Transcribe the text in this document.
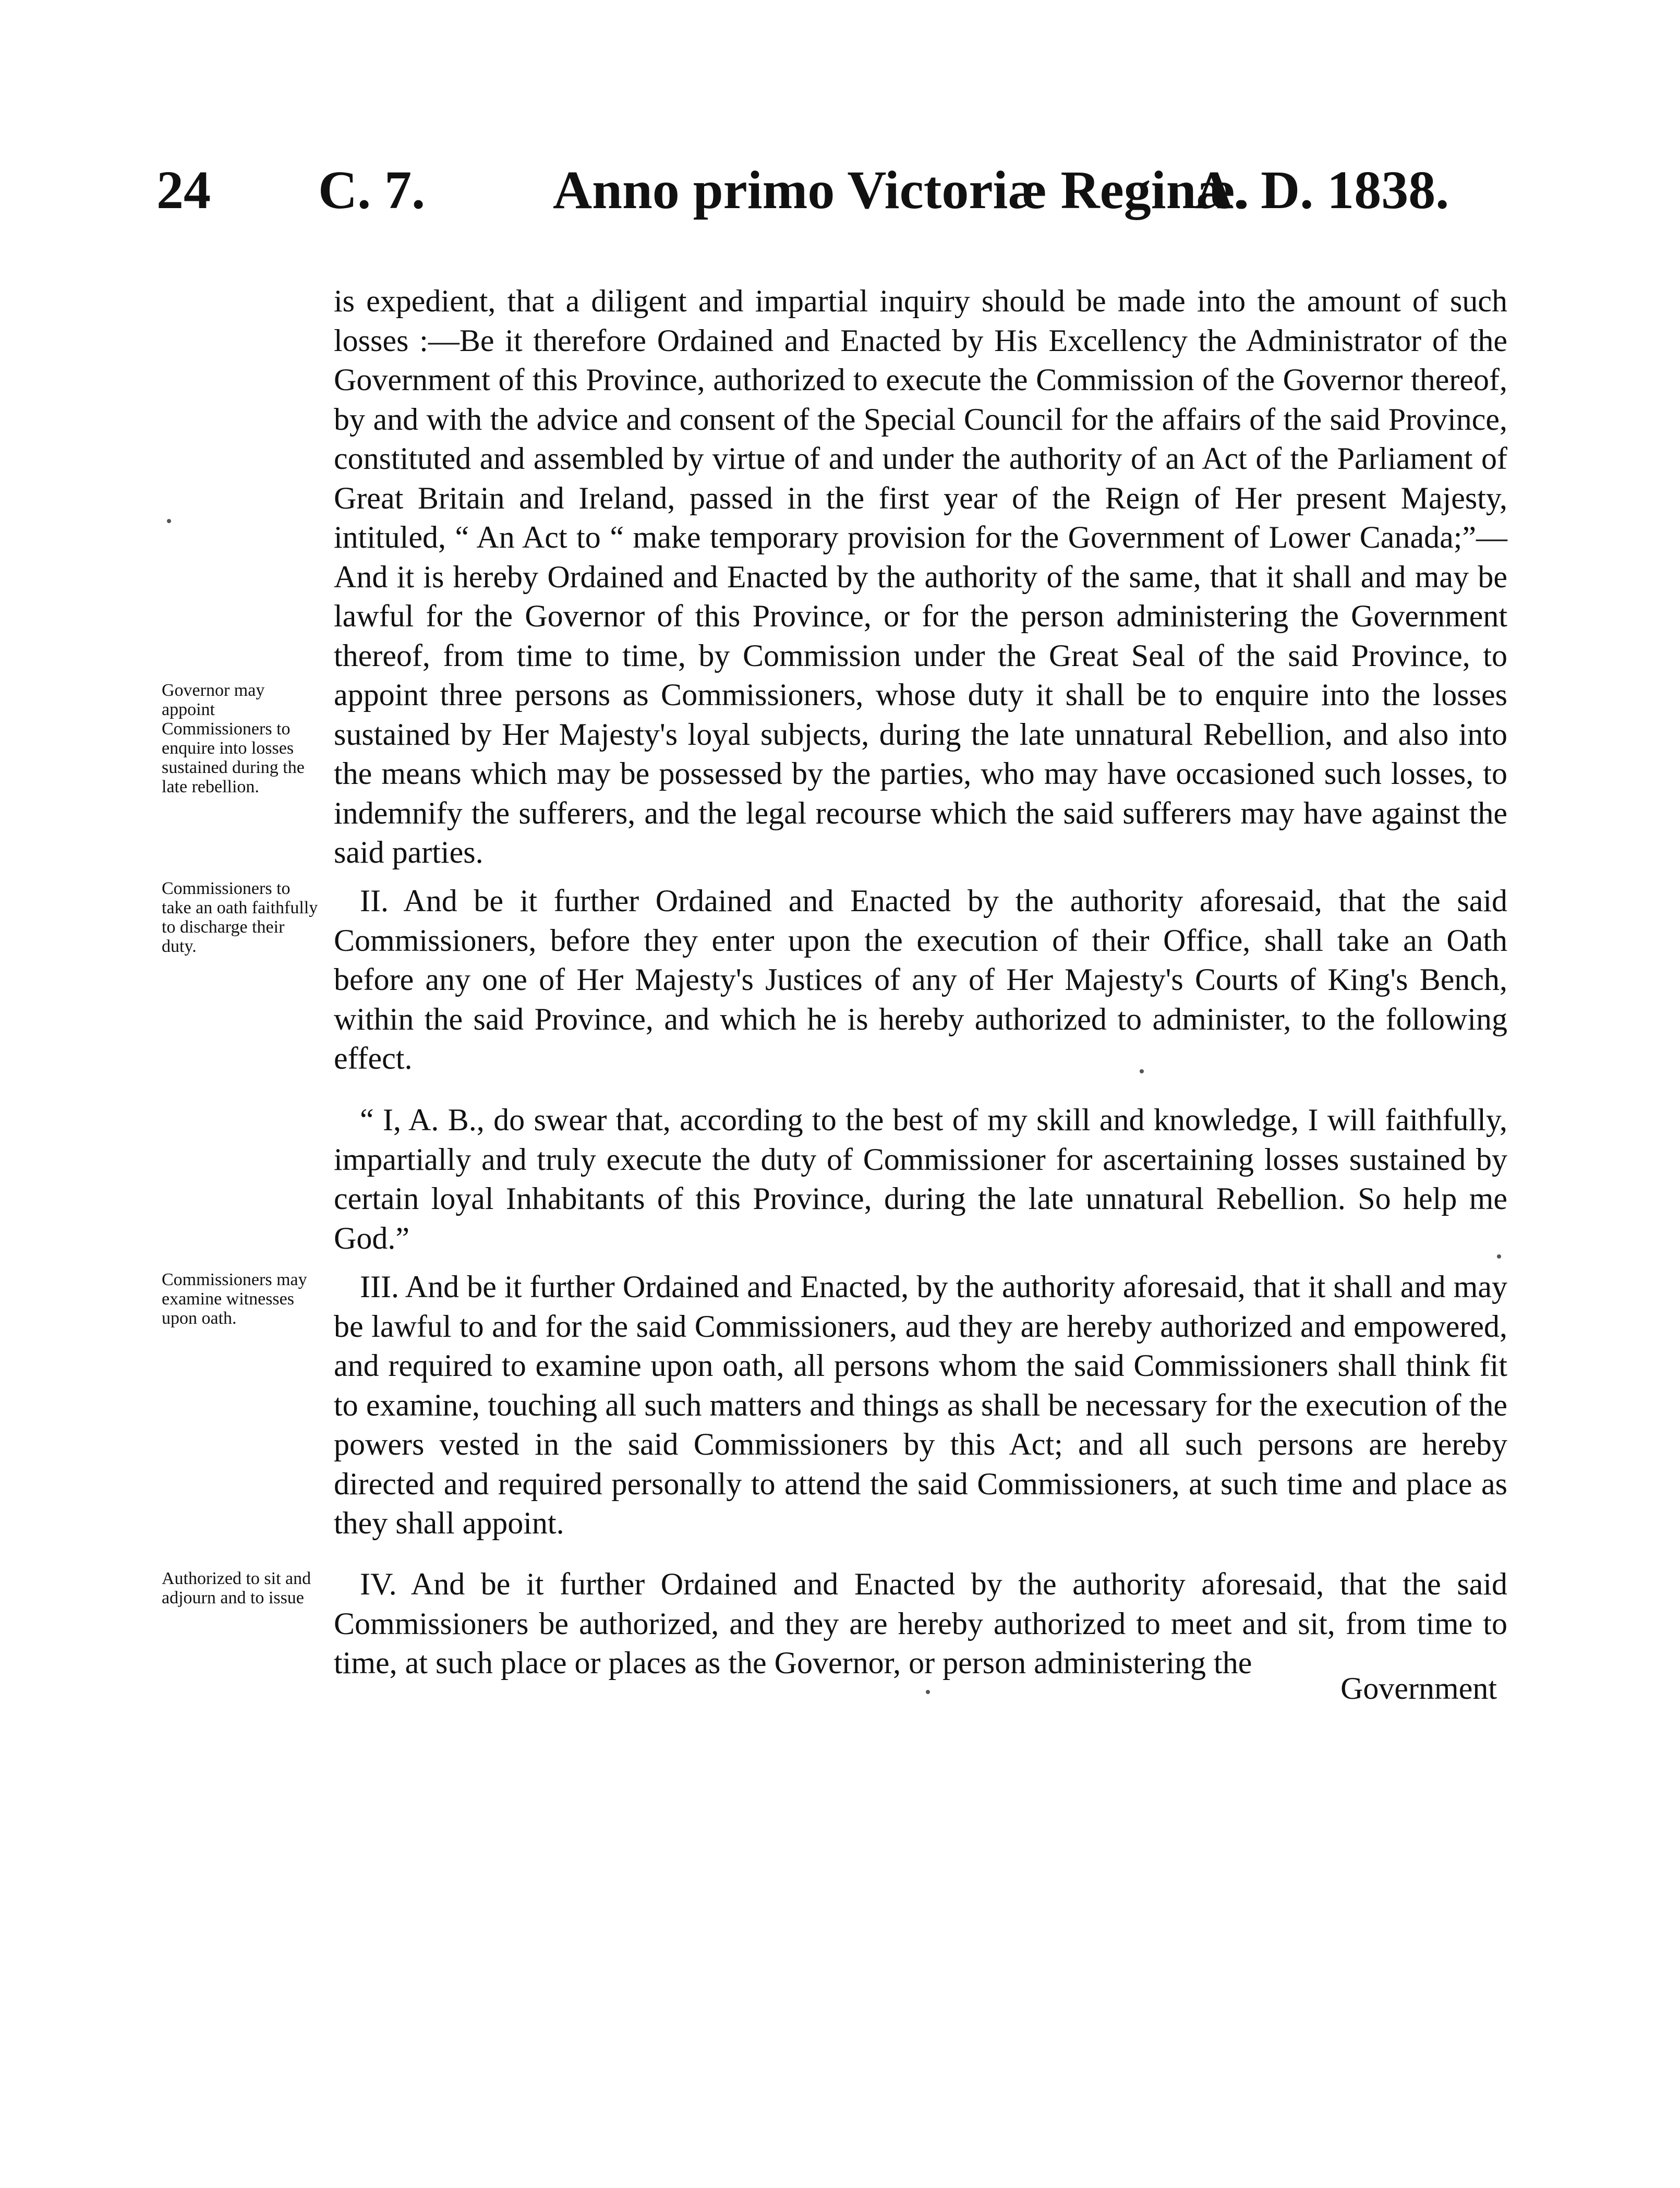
24 C. 7. Anno primo Victoriæ Reginæ.
A. D. 1838.

is expedient, that a diligent and impartial inquiry should be made into the amount of such losses :—Be it therefore Ordained and Enacted by His Excellency the Administrator of the Government of this Province, authorized to execute the Commission of the Governor thereof, by and with the advice and consent of the Special Council for the affairs of the said Province, constituted and assembled by virtue of and under the authority of an Act of the Parliament of Great Britain and Ireland, passed in the first year of the Reign of Her present Majesty, intituled, “ An Act to “ make temporary provision for the Government of Lower Canada;”—And it is hereby Ordained and Enacted by the authority of the same, that it shall and may be lawful for the Governor of this Province, or for the person administering the Government thereof, from time to time, by Commission under the Great Seal of the said Province, to appoint three persons as Commissioners, whose duty it shall be to enquire into the losses sustained by Her Majesty's loyal subjects, during the late unnatural Rebellion, and also into the means which may be possessed by the parties, who may have occasioned such losses, to indemnify the sufferers, and the legal recourse which the said sufferers may have against the said parties.

II. And be it further Ordained and Enacted by the authority aforesaid, that the said Commissioners, before they enter upon the execution of their Office, shall take an Oath before any one of Her Majesty's Justices of any of Her Majesty's Courts of King's Bench, within the said Province, and which he is hereby authorized to administer, to the following effect.

“ I, A. B., do swear that, according to the best of my skill and knowledge, I will faithfully, impartially and truly execute the duty of Commissioner for ascertaining losses sustained by certain loyal Inhabitants of this Province, during the late unnatural Rebellion. So help me God.”

III. And be it further Ordained and Enacted, by the authority aforesaid, that it shall and may be lawful to and for the said Commissioners, aud they are hereby authorized and empowered, and required to examine upon oath, all persons whom the said Commissioners shall think fit to examine, touching all such matters and things as shall be necessary for the execution of the powers vested in the said Commissioners by this Act; and all such persons are hereby directed and required personally to attend the said Commissioners, at such time and place as they shall appoint.

IV. And be it further Ordained and Enacted by the authority aforesaid, that the said Commissioners be authorized, and they are hereby authorized to meet and sit, from time to time, at such place or places as the Governor, or person administering the

Government
Governor may appoint Commissioners to enquire into losses sustained during the late rebellion.
Commissioners to take an oath faithfully to discharge their duty.
Commissioners may examine witnesses upon oath.
Authorized to sit and adjourn and to issue
